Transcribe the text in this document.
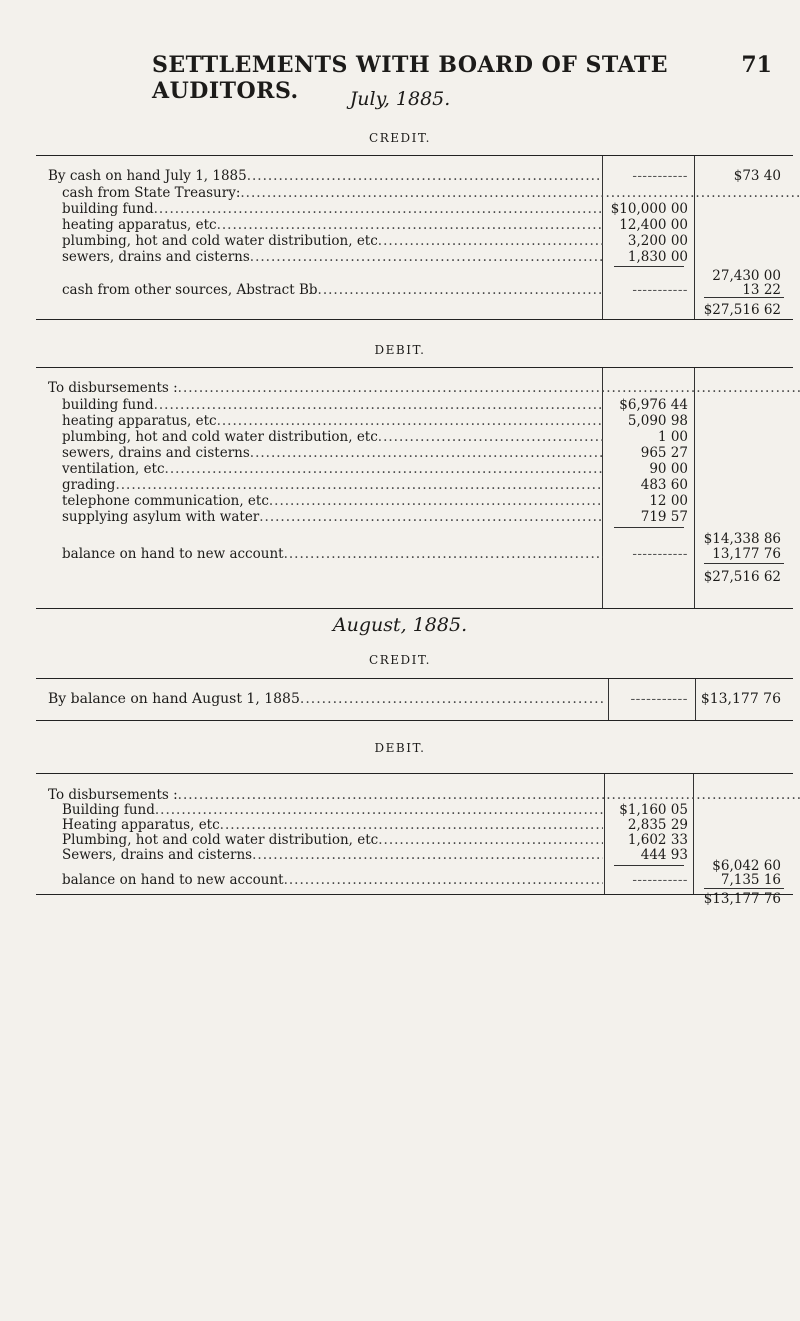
SETTLEMENTS WITH BOARD OF STATE AUDITORS.
71
July, 1885.
CREDIT.
By cash on hand July 1, 1885 ..... -----	$73 40
cash from State Treasury: .....
building fund .....	$10,000 00
heating apparatus, etc .....	12,400 00
plumbing, hot and cold water distribution, etc .....	3,200 00
sewers, drains and cisterns .....	1,830 00
27,430 00
cash from other sources, Abstract Bb ..... -----	13 22
$27,516 62
DEBIT.
To disbursements : .....
building fund .....	$6,976 44
heating apparatus, etc .....	5,090 98
plumbing, hot and cold water distribution, etc .....	1 00
sewers, drains and cisterns .....	965 27
ventilation, etc .....	90 00
grading .....	483 60
telephone communication, etc .....	12 00
supplying asylum with water .....	719 57
$14,338 86
balance on hand to new account ..... -----	13,177 76
$27,516 62
August, 1885.
CREDIT.
By balance on hand August 1, 1885 ..... -----	$13,177 76
DEBIT.
To disbursements : .....
Building fund .....	$1,160 05
Heating apparatus, etc .....	2,835 29
Plumbing, hot and cold water distribution, etc .....	1,602 33
Sewers, drains and cisterns .....	444 93
$6,042 60
balance on hand to new account ..... -----	7,135 16
$13,177 76
